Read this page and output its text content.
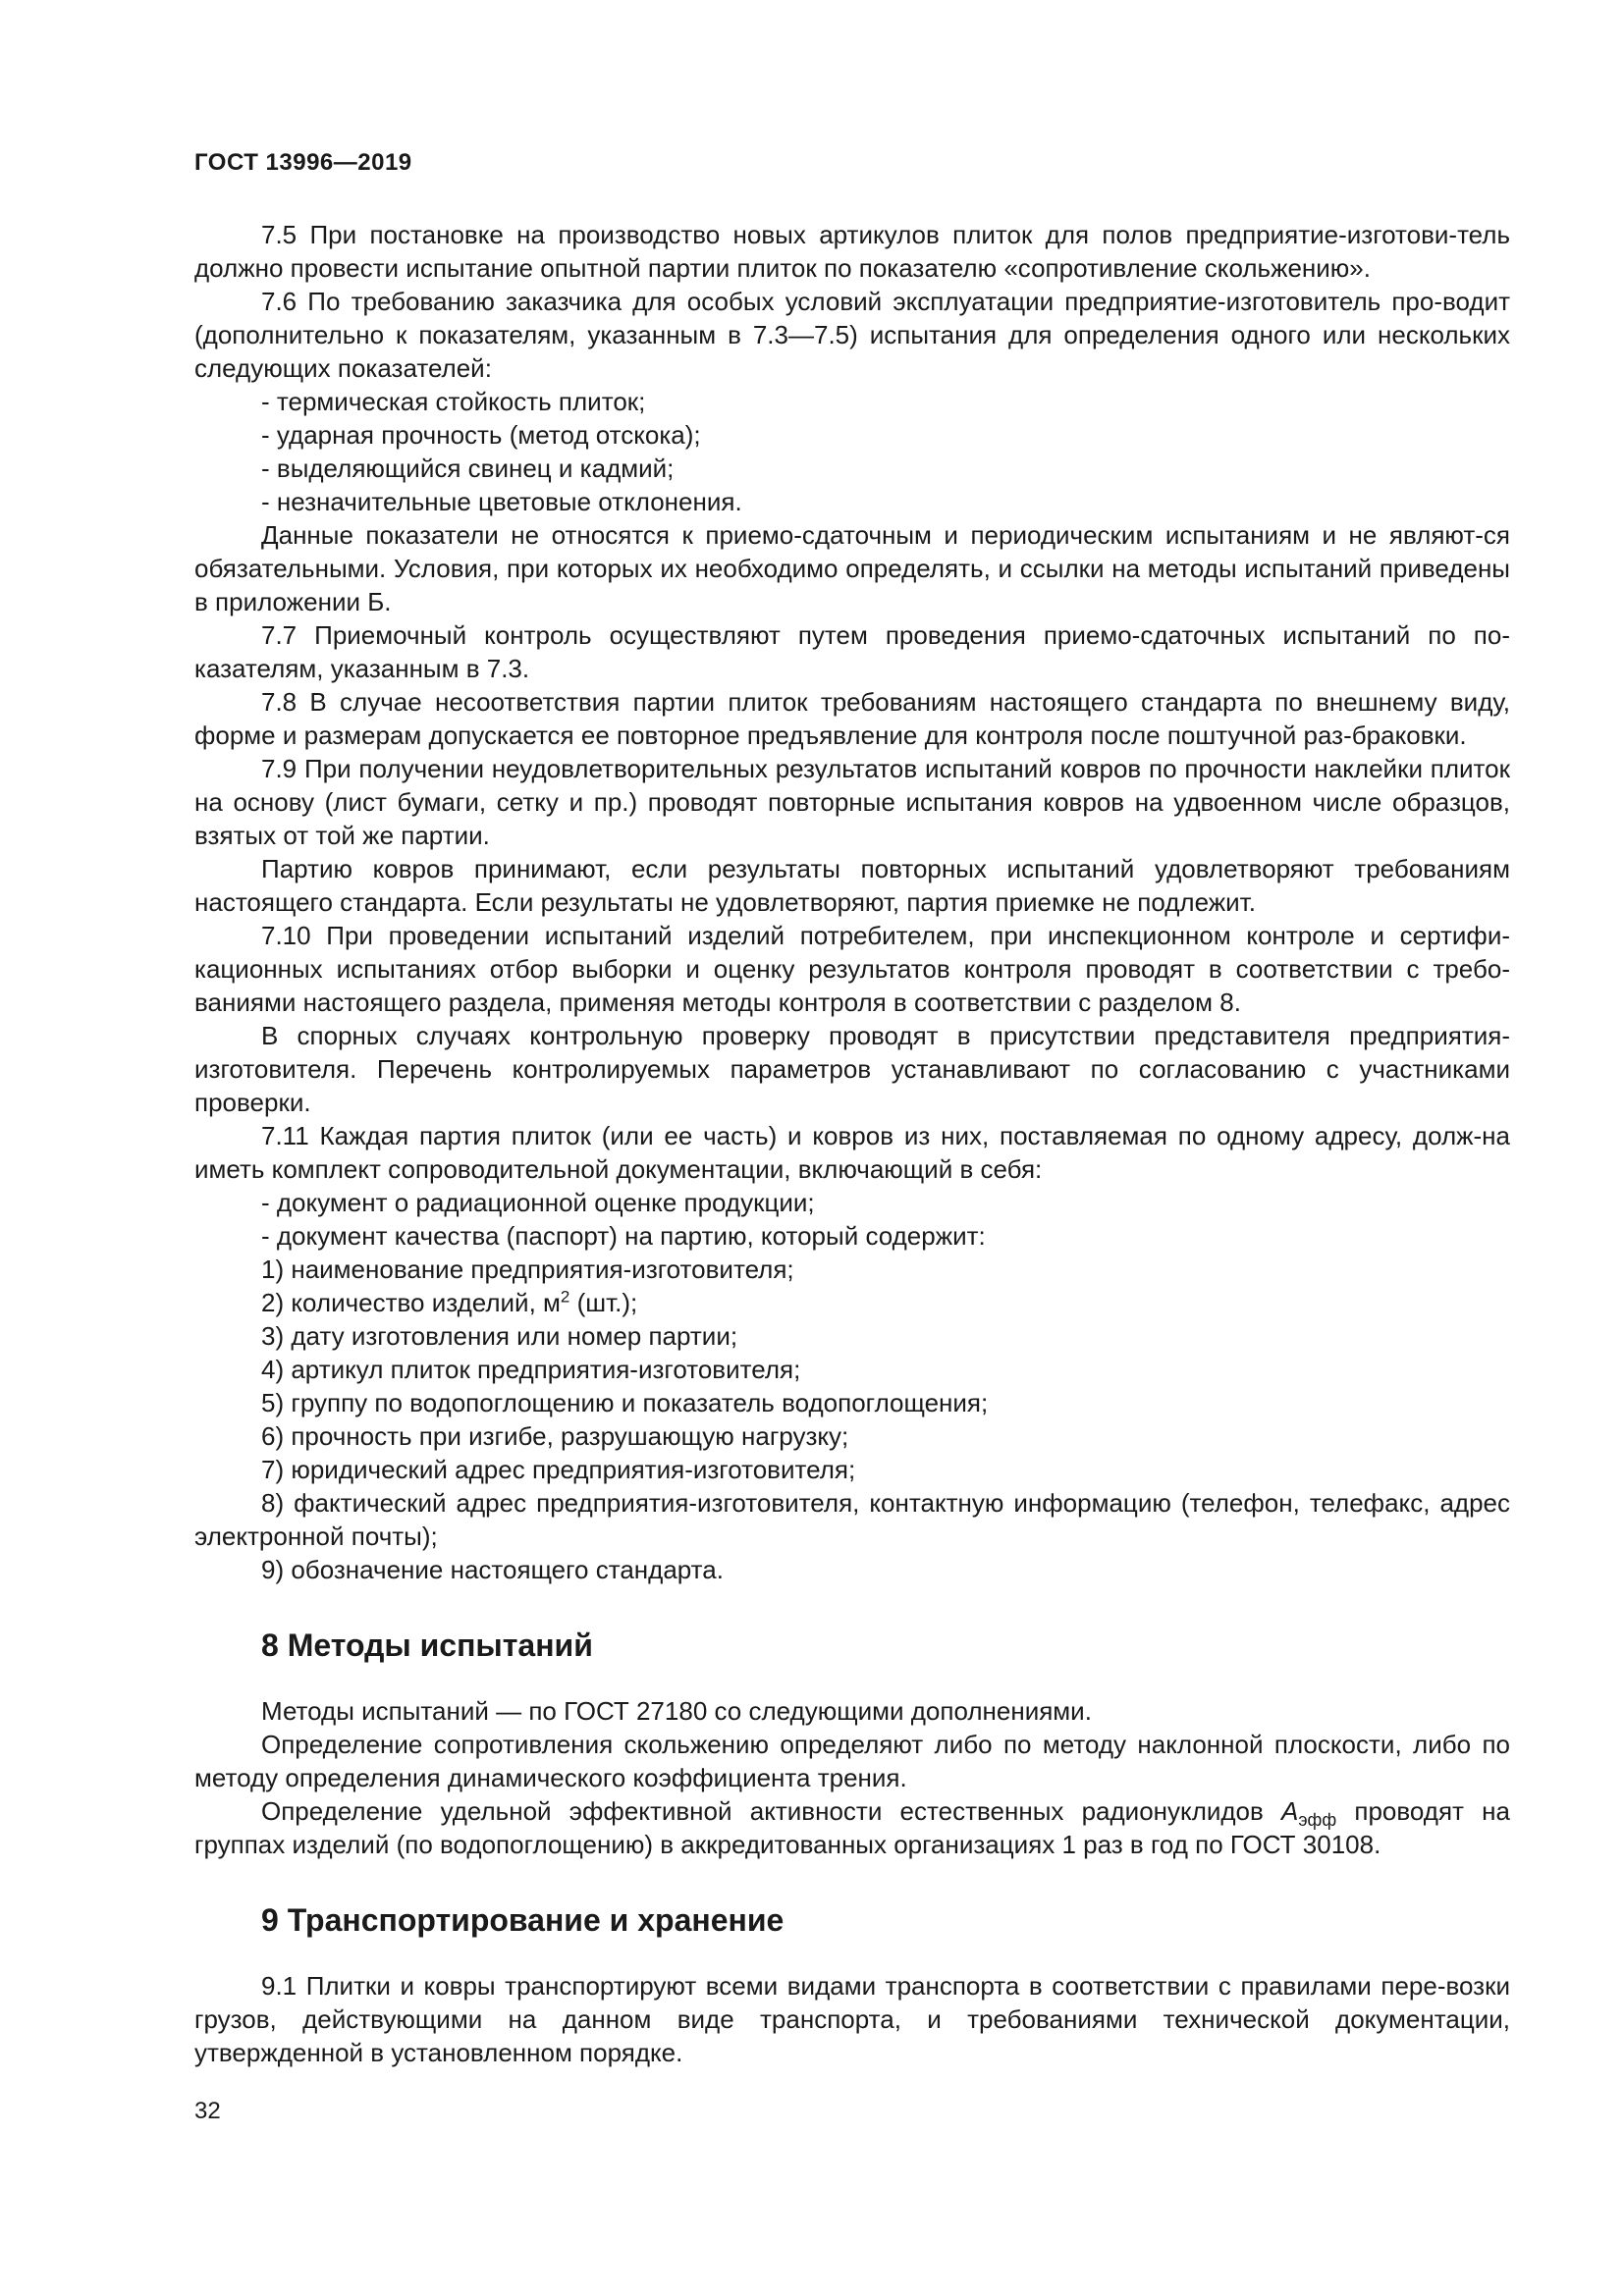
ГОСТ 13996—2019

7.5 При постановке на производство новых артикулов плиток для полов предприятие-изготови-тель должно провести испытание опытной партии плиток по показателю «сопротивление скольжению».

7.6 По требованию заказчика для особых условий эксплуатации предприятие-изготовитель про-водит (дополнительно к показателям, указанным в 7.3—7.5) испытания для определения одного или нескольких следующих показателей:

- термическая стойкость плиток;

- ударная прочность (метод отскока);

- выделяющийся свинец и кадмий;

- незначительные цветовые отклонения.

Данные показатели не относятся к приемо-сдаточным и периодическим испытаниям и не являют-ся обязательными. Условия, при которых их необходимо определять, и ссылки на методы испытаний приведены в приложении Б.

7.7 Приемочный контроль осуществляют путем проведения приемо-сдаточных испытаний по по-казателям, указанным в 7.3.

7.8 В случае несоответствия партии плиток требованиям настоящего стандарта по внешнему виду, форме и размерам допускается ее повторное предъявление для контроля после поштучной раз-браковки.

7.9 При получении неудовлетворительных результатов испытаний ковров по прочности наклейки плиток на основу (лист бумаги, сетку и пр.) проводят повторные испытания ковров на удвоенном числе образцов, взятых от той же партии.

Партию ковров принимают, если результаты повторных испытаний удовлетворяют требованиям настоящего стандарта. Если результаты не удовлетворяют, партия приемке не подлежит.

7.10 При проведении испытаний изделий потребителем, при инспекционном контроле и сертифи-кационных испытаниях отбор выборки и оценку результатов контроля проводят в соответствии с требо-ваниями настоящего раздела, применяя методы контроля в соответствии с разделом 8.

В спорных случаях контрольную проверку проводят в присутствии представителя предприятия-изготовителя. Перечень контролируемых параметров устанавливают по согласованию с участниками проверки.

7.11 Каждая партия плиток (или ее часть) и ковров из них, поставляемая по одному адресу, долж-на иметь комплект сопроводительной документации, включающий в себя:

- документ о радиационной оценке продукции;

- документ качества (паспорт) на партию, который содержит:

1) наименование предприятия-изготовителя;

2) количество изделий, $м^2$ (шт.);

3) дату изготовления или номер партии;

4) артикул плиток предприятия-изготовителя;

5) группу по водопоглощению и показатель водопоглощения;

6) прочность при изгибе, разрушающую нагрузку;

7) юридический адрес предприятия-изготовителя;

8) фактический адрес предприятия-изготовителя, контактную информацию (телефон, телефакс, адрес электронной почты);

9) обозначение настоящего стандарта.

8 Методы испытаний

Методы испытаний — по ГОСТ 27180 со следующими дополнениями.

Определение сопротивления скольжению определяют либо по методу наклонной плоскости, либо по методу определения динамического коэффициента трения.

Определение удельной эффективной активности естественных радионуклидов $A_{эфф}$ проводят на группах изделий (по водопоглощению) в аккредитованных организациях 1 раз в год по ГОСТ 30108.

9 Транспортирование и хранение

9.1 Плитки и ковры транспортируют всеми видами транспорта в соответствии с правилами пере-возки грузов, действующими на данном виде транспорта, и требованиями технической документации, утвержденной в установленном порядке.

32
